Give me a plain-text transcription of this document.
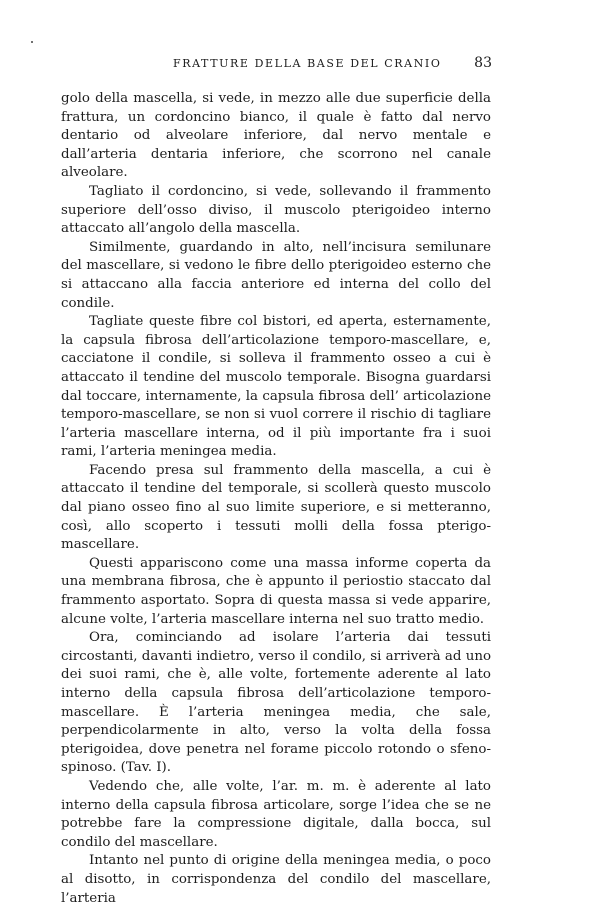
FRATTURE DELLA BASE DEL CRANIO 83

golo della mascella, si vede, in mezzo alle due superficie della frattura, un cordoncino bianco, il quale è fatto dal nervo dentario od alveolare inferiore, dal nervo mentale e dall’arteria dentaria inferiore, che scorrono nel canale alveolare.

Tagliato il cordoncino, si vede, sollevando il frammento superiore dell’osso diviso, il muscolo pterigoideo interno attaccato all’angolo della mascella.

Similmente, guardando in alto, nell’incisura semilunare del mascellare, si vedono le fibre dello pterigoideo esterno che si attaccano alla faccia anteriore ed interna del collo del condile.

Tagliate queste fibre col bistori, ed aperta, esternamente, la capsula fibrosa dell’articolazione temporo-mascellare, e, cacciatone il condile, si solleva il frammento osseo a cui è attaccato il tendine del muscolo temporale. Bisogna guardarsi dal toccare, internamente, la capsula fibrosa dell’ articolazione temporo-mascellare, se non si vuol correre il rischio di tagliare l’arteria mascellare interna, od il più importante fra i suoi rami, l’arteria meningea media.

Facendo presa sul frammento della mascella, a cui è attaccato il tendine del temporale, si scollerà questo muscolo dal piano osseo fino al suo limite superiore, e si metteranno, così, allo scoperto i tessuti molli della fossa pterigo-mascellare.

Questi appariscono come una massa informe coperta da una membrana fibrosa, che è appunto il periostio staccato dal frammento asportato. Sopra di questa massa si vede apparire, alcune volte, l’arteria mascellare interna nel suo tratto medio.

Ora, cominciando ad isolare l’arteria dai tessuti circostanti, davanti indietro, verso il condilo, si arriverà ad uno dei suoi rami, che è, alle volte, fortemente aderente al lato interno della capsula fibrosa dell’articolazione temporo-mascellare. È l’arteria meningea media, che sale, perpendicolarmente in alto, verso la volta della fossa pterigoidea, dove penetra nel forame piccolo rotondo o sfeno-spinoso. (Tav. I).

Vedendo che, alle volte, l’ar. m. m. è aderente al lato interno della capsula fibrosa articolare, sorge l’idea che se ne potrebbe fare la compressione digitale, dalla bocca, sul condilo del mascellare.

Intanto nel punto di origine della meningea media, o poco al disotto, in corrispondenza del condilo del mascellare, l’arteria
